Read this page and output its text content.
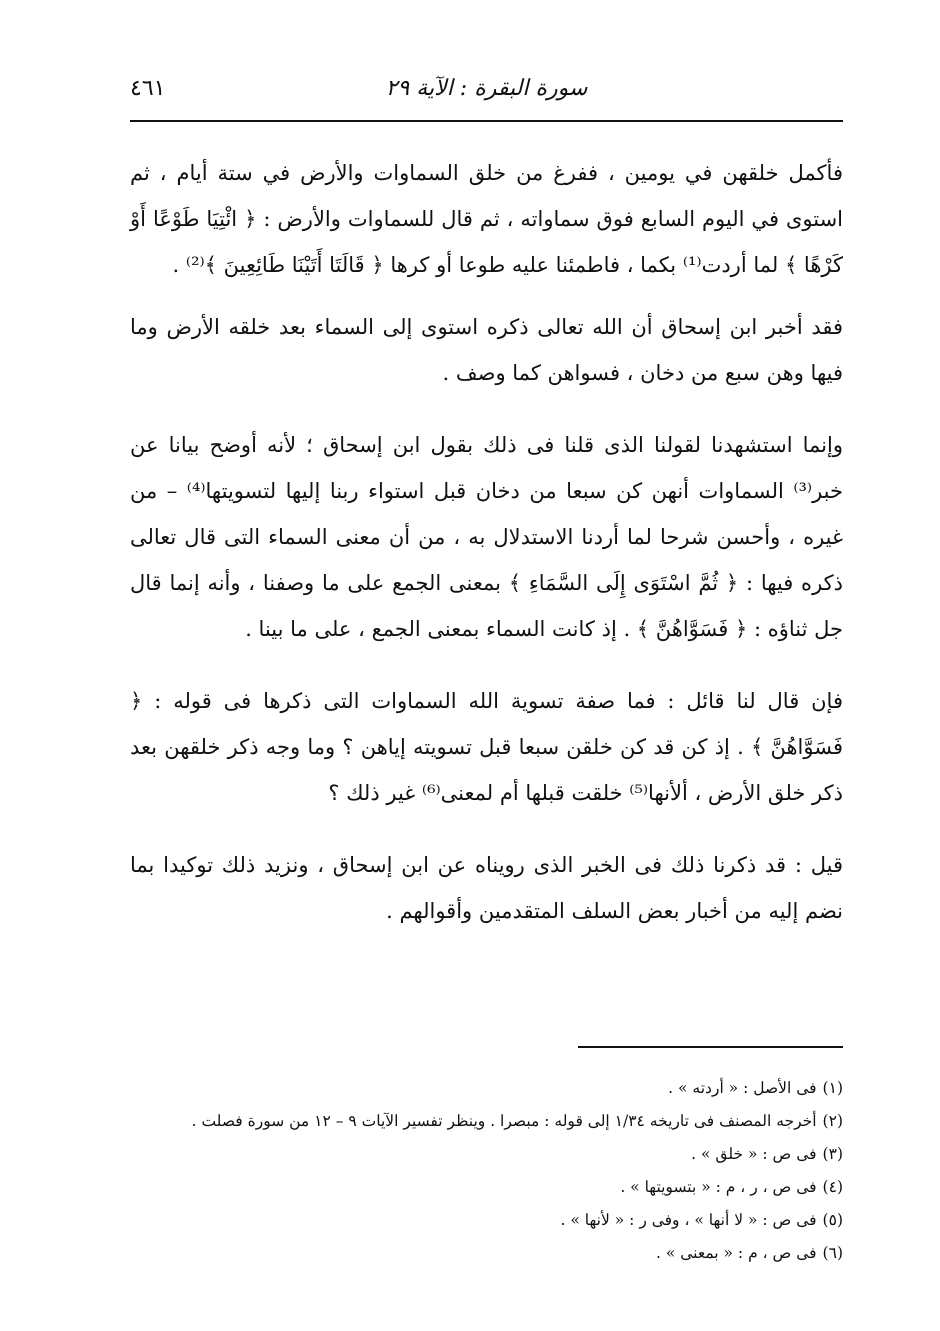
سورة البقرة : الآية ٢٩
٤٦١

فأكمل خلقهن في يومين ، ففرغ من خلق السماوات والأرض في ستة أيام ، ثم استوى في اليوم السابع فوق سماواته ، ثم قال للسماوات والأرض : ﴿ ائْتِيَا طَوْعًا أَوْ كَرْهًا ﴾ لما أردت⁽¹⁾ بكما ، فاطمئنا عليه طوعا أو كرها ﴿ قَالَتَا أَتَيْنَا طَائِعِينَ ﴾⁽²⁾ .

فقد أخبر ابن إسحاق أن الله تعالى ذكره استوى إلى السماء بعد خلقه الأرض وما فيها وهن سبع من دخان ، فسواهن كما وصف .

وإنما استشهدنا لقولنا الذى قلنا فى ذلك بقول ابن إسحاق ؛ لأنه أوضح بيانا عن خبر⁽³⁾ السماوات أنهن كن سبعا من دخان قبل استواء ربنا إليها لتسويتها⁽⁴⁾ – من غيره ، وأحسن شرحا لما أردنا الاستدلال به ، من أن معنى السماء التى قال تعالى ذكره فيها : ﴿ ثُمَّ اسْتَوَى إِلَى السَّمَاءِ ﴾ بمعنى الجمع على ما وصفنا ، وأنه إنما قال جل ثناؤه : ﴿ فَسَوَّاهُنَّ ﴾ . إذ كانت السماء بمعنى الجمع ، على ما بينا .

فإن قال لنا قائل : فما صفة تسوية الله السماوات التى ذكرها فى قوله : ﴿ فَسَوَّاهُنَّ ﴾ . إذ كن قد كن خلقن سبعا قبل تسويته إياهن ؟ وما وجه ذكر خلقهن بعد ذكر خلق الأرض ، ألأنها⁽⁵⁾ خلقت قبلها أم لمعنى⁽⁶⁾ غير ذلك ؟

قيل : قد ذكرنا ذلك فى الخبر الذى رويناه عن ابن إسحاق ، ونزيد ذلك توكيدا بما نضم إليه من أخبار بعض السلف المتقدمين وأقوالهم .

(١)فى الأصل : « أردته » .

(٢)أخرجه المصنف فى تاريخه ١/٣٤ إلى قوله : مبصرا . وينظر تفسير الآيات ٩ – ١٢ من سورة فصلت .

(٣)فى ص : « خلق » .

(٤)فى ص ، ر ، م : « بتسويتها » .

(٥)فى ص : « لا أنها » ، وفى ر : « لأنها » .

(٦)فى ص ، م : « بمعنى » .
